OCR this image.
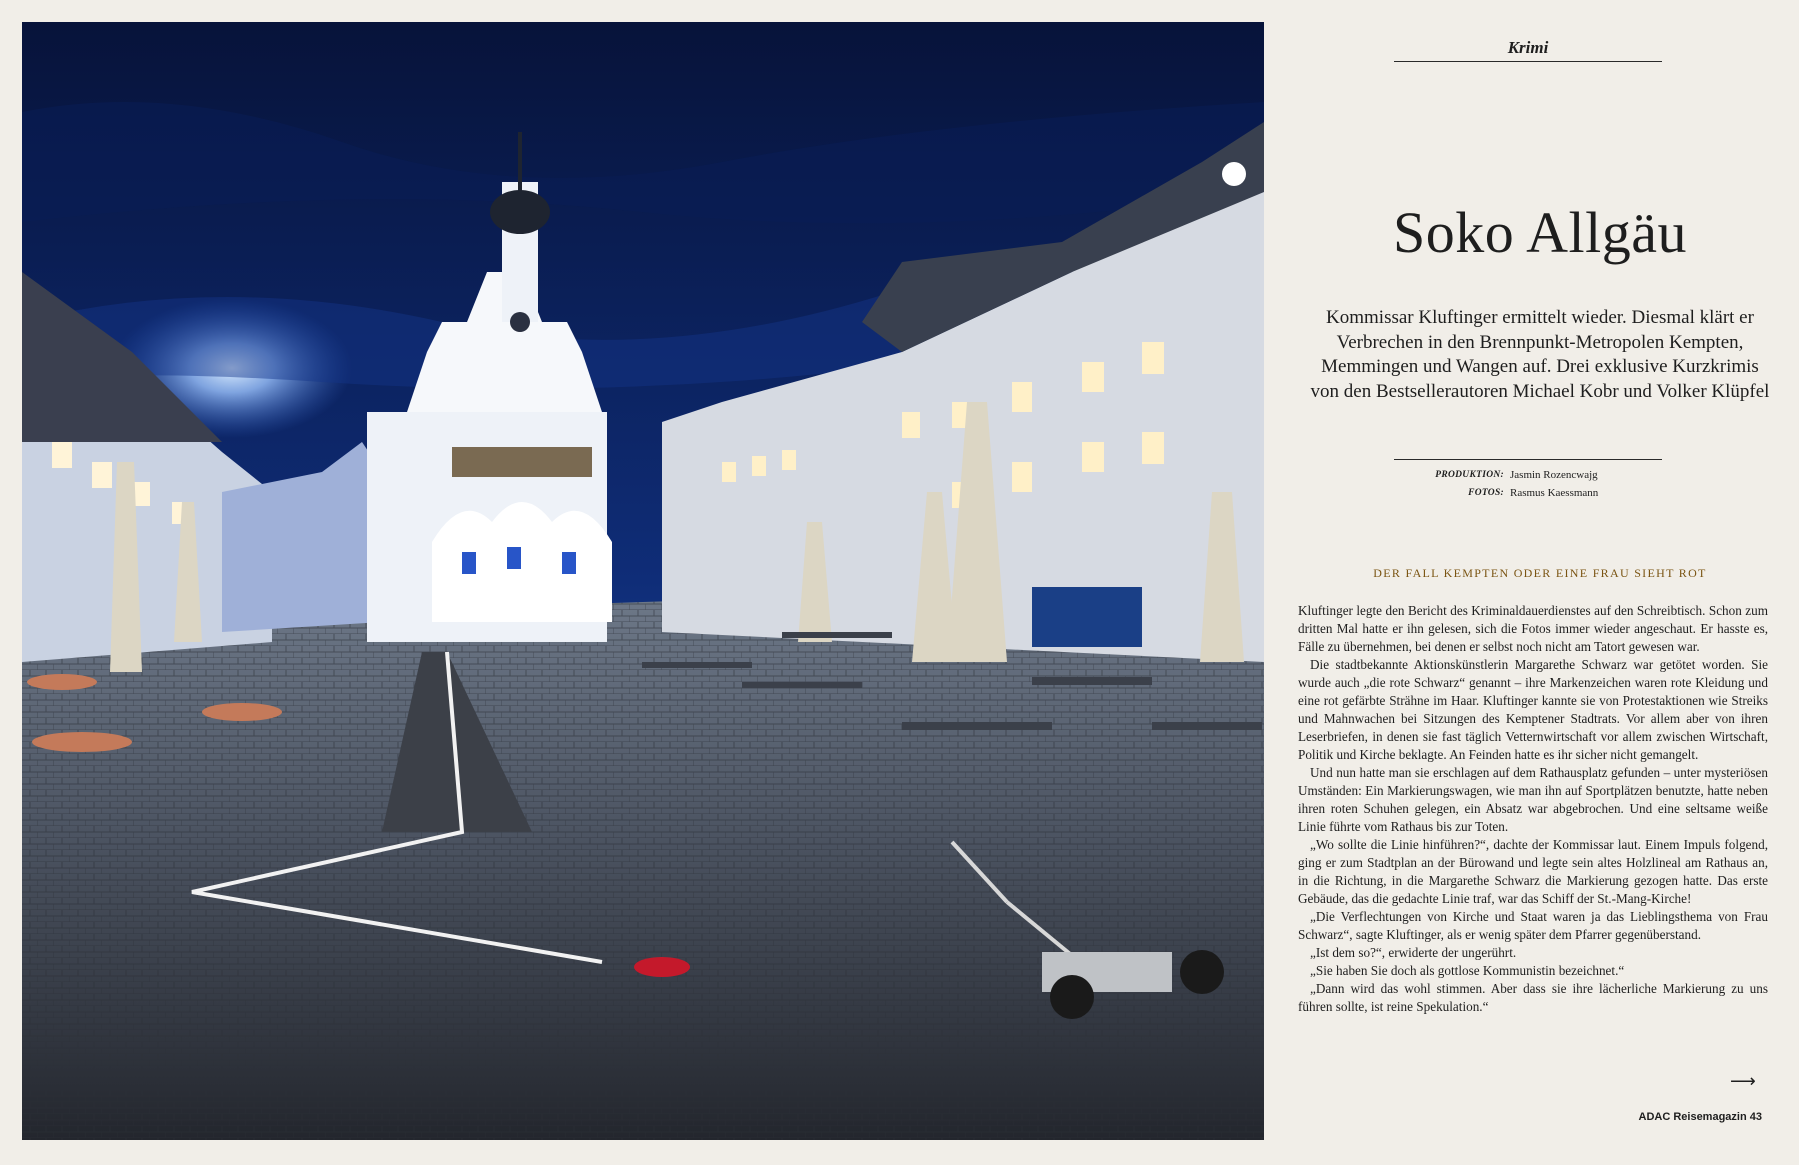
Krimi
Soko Allgäu
Kommissar Kluftinger ermittelt wieder. Diesmal klärt er Verbrechen in den Brennpunkt-Metropolen Kempten, Memmingen und Wangen auf. Drei exklusive Kurzkrimis von den Bestsellerautoren Michael Kobr und Volker Klüpfel
PRODUKTION: Jasmin Rozencwajg
FOTOS: Rasmus Kaessmann
DER FALL KEMPTEN ODER EINE FRAU SIEHT ROT

Kluftinger legte den Bericht des Kriminaldauerdienstes auf den Schreibtisch. Schon zum dritten Mal hatte er ihn gelesen, sich die Fotos immer wieder angeschaut. Er hasste es, Fälle zu übernehmen, bei denen er selbst noch nicht am Tatort gewesen war.

Die stadtbekannte Aktionskünstlerin Margarethe Schwarz war getötet worden. Sie wurde auch „die rote Schwarz“ genannt – ihre Markenzeichen waren rote Kleidung und eine rot gefärbte Strähne im Haar. Kluftinger kannte sie von Protestaktionen wie Streiks und Mahnwachen bei Sitzungen des Kemptener Stadtrats. Vor allem aber von ihren Leserbriefen, in denen sie fast täglich Vetternwirtschaft vor allem zwischen Wirtschaft, Politik und Kirche beklagte. An Feinden hatte es ihr sicher nicht gemangelt.

Und nun hatte man sie erschlagen auf dem Rathausplatz gefunden – unter mysteriösen Umständen: Ein Markierungswagen, wie man ihn auf Sportplätzen benutzte, hatte neben ihren roten Schuhen gelegen, ein Absatz war abgebrochen. Und eine seltsame weiße Linie führte vom Rathaus bis zur Toten.

„Wo sollte die Linie hinführen?“, dachte der Kommissar laut. Einem Impuls folgend, ging er zum Stadtplan an der Bürowand und legte sein altes Holzlineal am Rathaus an, in die Richtung, in die Margarethe Schwarz die Markierung gezogen hatte. Das erste Gebäude, das die gedachte Linie traf, war das Schiff der St.-Mang-Kirche!

„Die Verflechtungen von Kirche und Staat waren ja das Lieblingsthema von Frau Schwarz“, sagte Kluftinger, als er wenig später dem Pfarrer gegenüberstand.

„Ist dem so?“, erwiderte der ungerührt.

„Sie haben Sie doch als gottlose Kommunistin bezeichnet.“

„Dann wird das wohl stimmen. Aber dass sie ihre lächerliche Markierung zu uns führen sollte, ist reine Spekulation.“

⟶
ADAC Reisemagazin 43
